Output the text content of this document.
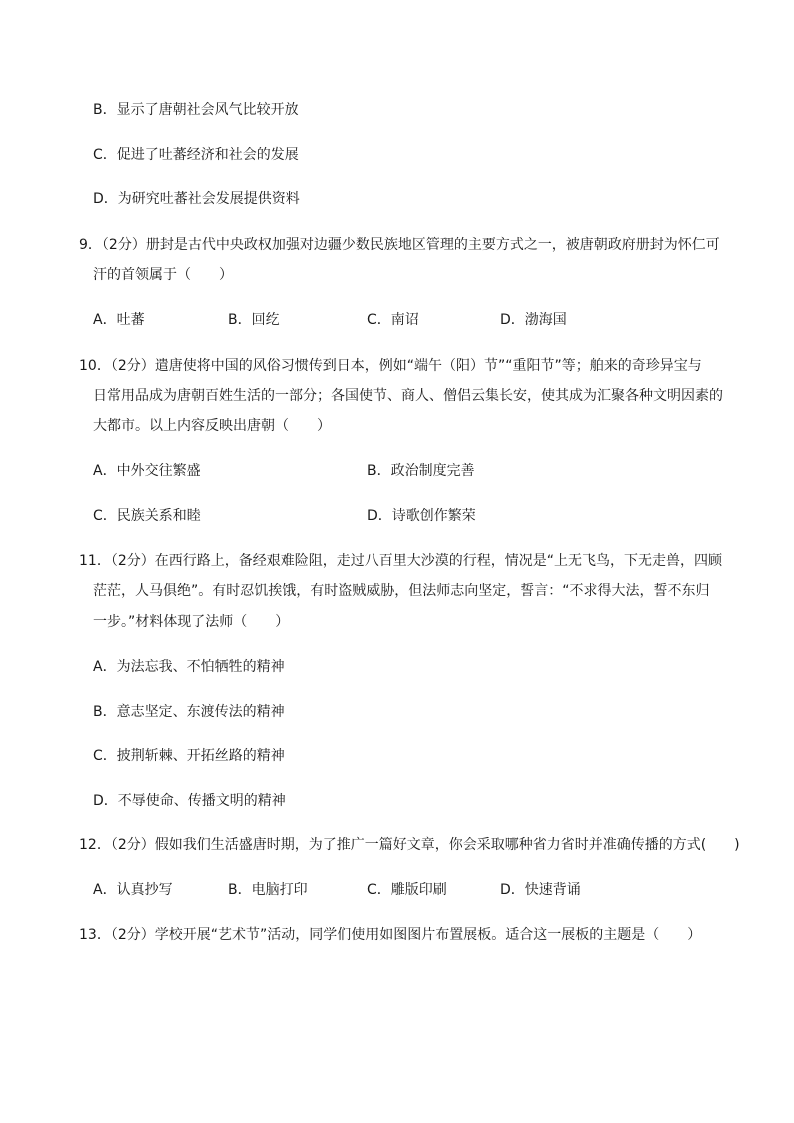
B．显示了唐朝社会风气比较开放
C．促进了吐蕃经济和社会的发展
D．为研究吐蕃社会发展提供资料
9．（2分）册封是古代中央政权加强对边疆少数民族地区管理的主要方式之一，被唐朝政府册封为怀仁可
汗的首领属于（　　）
A．吐蕃	B．回纥	C．南诏	D．渤海国
10．（2分）遣唐使将中国的风俗习惯传到日本，例如“端午（阳）节”“重阳节”等；舶来的奇珍异宝与
日常用品成为唐朝百姓生活的一部分；各国使节、商人、僧侣云集长安，使其成为汇聚各种文明因素的
大都市。以上内容反映出唐朝（　　）
A．中外交往繁盛	B．政治制度完善
C．民族关系和睦	D．诗歌创作繁荣
11．（2分）在西行路上，备经艰难险阻，走过八百里大沙漠的行程，情况是“上无飞鸟，下无走兽，四顾
茫茫，人马俱绝”。有时忍饥挨饿，有时盗贼威胁，但法师志向坚定，誓言：“不求得大法，誓不东归
一步。”材料体现了法师（　　）
A．为法忘我、不怕牺牲的精神
B．意志坚定、东渡传法的精神
C．披荆斩棘、开拓丝路的精神
D．不辱使命、传播文明的精神
12．（2分）假如我们生活盛唐时期，为了推广一篇好文章，你会采取哪种省力省时并准确传播的方式(　　)
A．认真抄写	B．电脑打印	C．雕版印刷	D．快速背诵
13．（2分）学校开展“艺术节”活动，同学们使用如图图片布置展板。适合这一展板的主题是（　　）
